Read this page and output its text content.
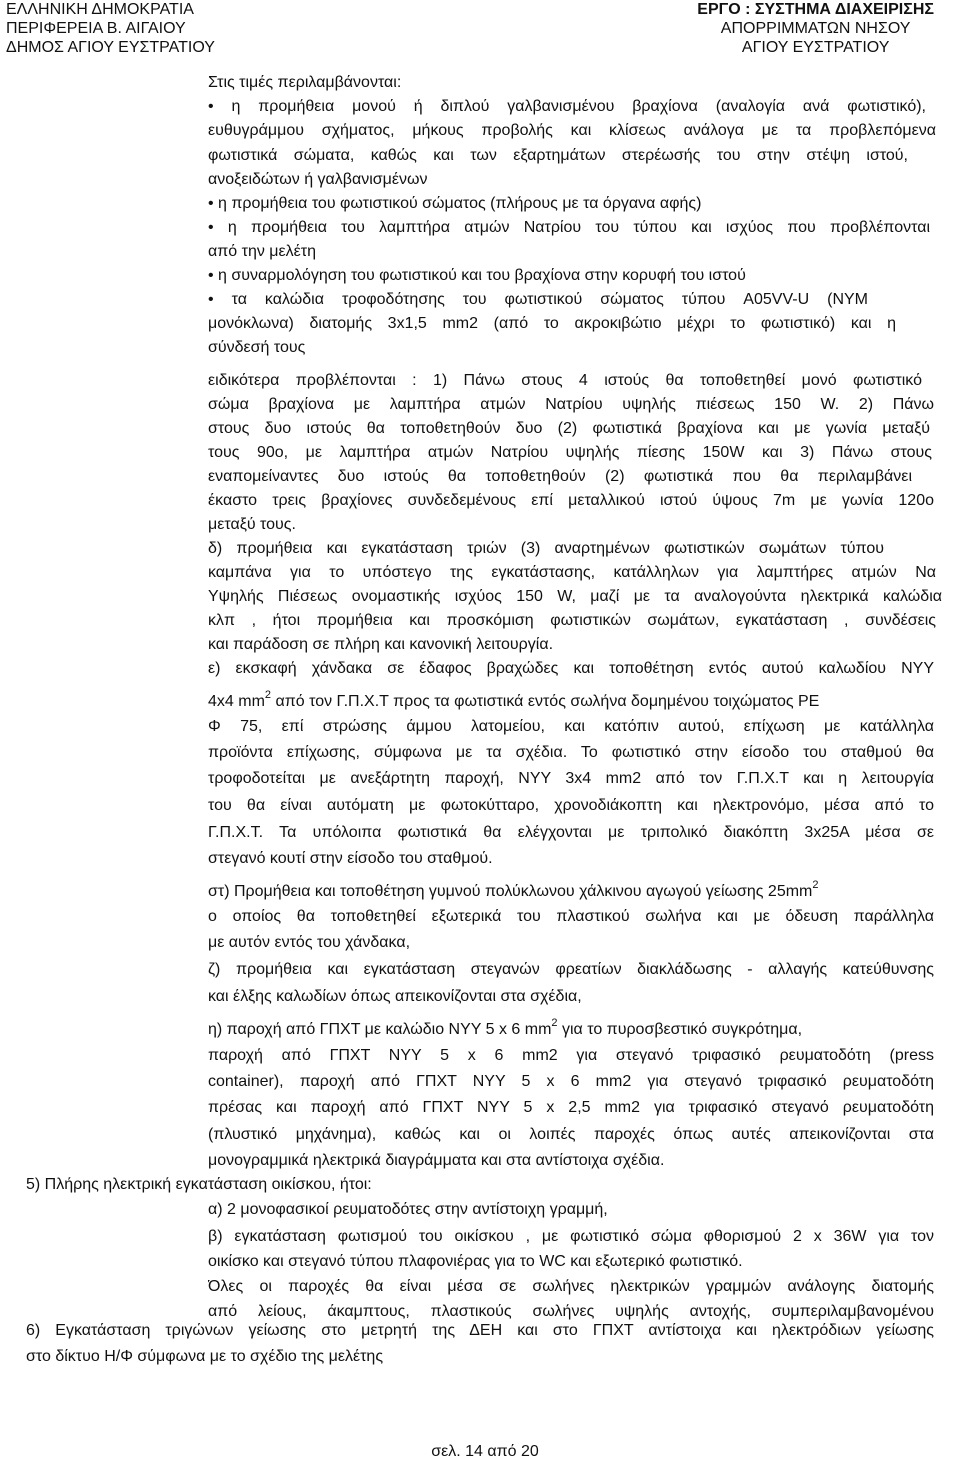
ΕΛΛΗΝΙΚΗ ΔΗΜΟΚΡΑΤΙΑ
ΠΕΡΙΦΕΡΕΙΑ Β. ΑΙΓΑΙΟΥ
ΔΗΜΟΣ ΑΓΙΟΥ ΕΥΣΤΡΑΤΙΟΥ
ΕΡΓΟ : ΣΥΣΤΗΜΑ ΔΙΑΧΕΙΡΙΣΗΣ
ΑΠΟΡΡΙΜΜΑΤΩΝ ΝΗΣΟΥ
ΑΓΙΟΥ ΕΥΣΤΡΑΤΙΟΥ
Στις τιμές περιλαμβάνονται:
• η προμήθεια μονού ή διπλού γαλβανισμένου βραχίονα (αναλογία ανά φωτιστικό),
ευθυγράμμου σχήματος, μήκους προβολής και κλίσεως ανάλογα με τα προβλεπόμενα
φωτιστικά σώματα, καθώς και των εξαρτημάτων στερέωσής του στην στέψη ιστού,
ανοξειδώτων ή γαλβανισμένων
• η προμήθεια του φωτιστικού σώματος (πλήρους με τα όργανα αφής)
• η προμήθεια του λαμπτήρα ατμών Νατρίου του τύπου και ισχύος που προβλέπονται
από την μελέτη
• η συναρμολόγηση του φωτιστικού και του βραχίονα στην κορυφή του ιστού
• τα καλώδια τροφοδότησης του φωτιστικού σώματος τύπου A05VV-U (NYM
μονόκλωνα) διατομής 3x1,5 mm2 (από το ακροκιβώτιο μέχρι το φωτιστικό) και η
σύνδεσή τους
ειδικότερα προβλέπονται : 1) Πάνω στους 4 ιστούς θα τοποθετηθεί μονό φωτιστικό
σώμα βραχίονα με λαμπτήρα ατμών Νατρίου υψηλής πιέσεως 150 W. 2) Πάνω
στους δυο ιστούς θα τοποθετηθούν δυο (2) φωτιστικά βραχίονα και με γωνία μεταξύ
τους 90ο, με λαμπτήρα ατμών Νατρίου υψηλής πίεσης 150W και 3) Πάνω στους
εναπομείναντες δυο ιστούς θα τοποθετηθούν (2) φωτιστικά που θα περιλαμβάνει
έκαστο τρεις βραχίονες συνδεδεμένους επί μεταλλικού ιστού ύψους 7m με γωνία 120ο
μεταξύ τους.
δ) προμήθεια και εγκατάσταση τριών (3) αναρτημένων φωτιστικών σωμάτων τύπου
καμπάνα για το υπόστεγο της εγκατάστασης, κατάλληλων για λαμπτήρες ατμών Να
Υψηλής Πιέσεως ονομαστικής ισχύος 150 W, μαζί με τα αναλογούντα ηλεκτρικά καλώδια
κλπ , ήτοι προμήθεια και προσκόμιση φωτιστικών σωμάτων, εγκατάσταση , συνδέσεις
και παράδοση σε πλήρη και κανονική λειτουργία.
ε) εκσκαφή χάνδακα σε έδαφος βραχώδες και τοποθέτηση εντός αυτού καλωδίου ΝΥΥ
4x4 $mm^2$ από τον Γ.Π.Χ.Τ προς τα φωτιστικά εντός σωλήνα δομημένου τοιχώματος PE
Φ 75, επί στρώσης άμμου λατομείου, και κατόπιν αυτού, επίχωση με κατάλληλα
προϊόντα επίχωσης, σύμφωνα με τα σχέδια. Το φωτιστικό στην είσοδο του σταθμού θα
τροφοδοτείται με ανεξάρτητη παροχή, ΝΥΥ 3x4 mm2 από τον Γ.Π.Χ.Τ και η λειτουργία
του θα είναι αυτόματη με φωτοκύτταρο, χρονοδιάκοπτη και ηλεκτρονόμο, μέσα από το
Γ.Π.Χ.Τ. Τα υπόλοιπα φωτιστικά θα ελέγχονται με τριπολικό διακόπτη 3x25A μέσα σε
στεγανό κουτί στην είσοδο του σταθμού.
στ) Προμήθεια και τοποθέτηση γυμνού πολύκλωνου χάλκινου αγωγού γείωσης $25mm^2$
ο οποίος θα τοποθετηθεί εξωτερικά του πλαστικού σωλήνα και με όδευση παράλληλα
με αυτόν εντός του χάνδακα,
ζ) προμήθεια και εγκατάσταση στεγανών φρεατίων διακλάδωσης - αλλαγής κατεύθυνσης
και έλξης καλωδίων όπως απεικονίζονται στα σχέδια,
η) παροχή από ΓΠΧΤ με καλώδιο ΝΥΥ 5 x 6 $mm^2$ για το πυροσβεστικό συγκρότημα,
παροχή από ΓΠΧΤ ΝΥΥ 5 x 6 mm2 για στεγανό τριφασικό ρευματοδότη (press
container), παροχή από ΓΠΧΤ ΝΥΥ 5 x 6 mm2 για στεγανό τριφασικό ρευματοδότη
πρέσας και παροχή από ΓΠΧΤ ΝΥΥ 5 x 2,5 mm2 για τριφασικό στεγανό ρευματοδότη
(πλυστικό μηχάνημα), καθώς και οι λοιπές παροχές όπως αυτές απεικονίζονται στα
μονογραμμικά ηλεκτρικά διαγράμματα και στα αντίστοιχα σχέδια.
5) Πλήρης ηλεκτρική εγκατάσταση οικίσκου, ήτοι:
α) 2 μονοφασικοί ρευματοδότες στην αντίστοιχη γραμμή,
β) εγκατάσταση φωτισμού του οικίσκου , με φωτιστικό σώμα φθορισμού 2 x 36W για τον
οικίσκο και στεγανό τύπου πλαφονιέρας για το WC και εξωτερικό φωτιστικό.
Όλες οι παροχές θα είναι μέσα σε σωλήνες ηλεκτρικών γραμμών ανάλογης διατομής
από λείους, άκαμπτους, πλαστικούς σωλήνες υψηλής αντοχής, συμπεριλαμβανομένου
6) Εγκατάσταση τριγώνων γείωσης στο μετρητή της ΔΕΗ και στο ΓΠΧΤ αντίστοιχα και ηλεκτρόδιων γείωσης
στο δίκτυο Η/Φ σύμφωνα με το σχέδιο της μελέτης
σελ. 14 από 20
